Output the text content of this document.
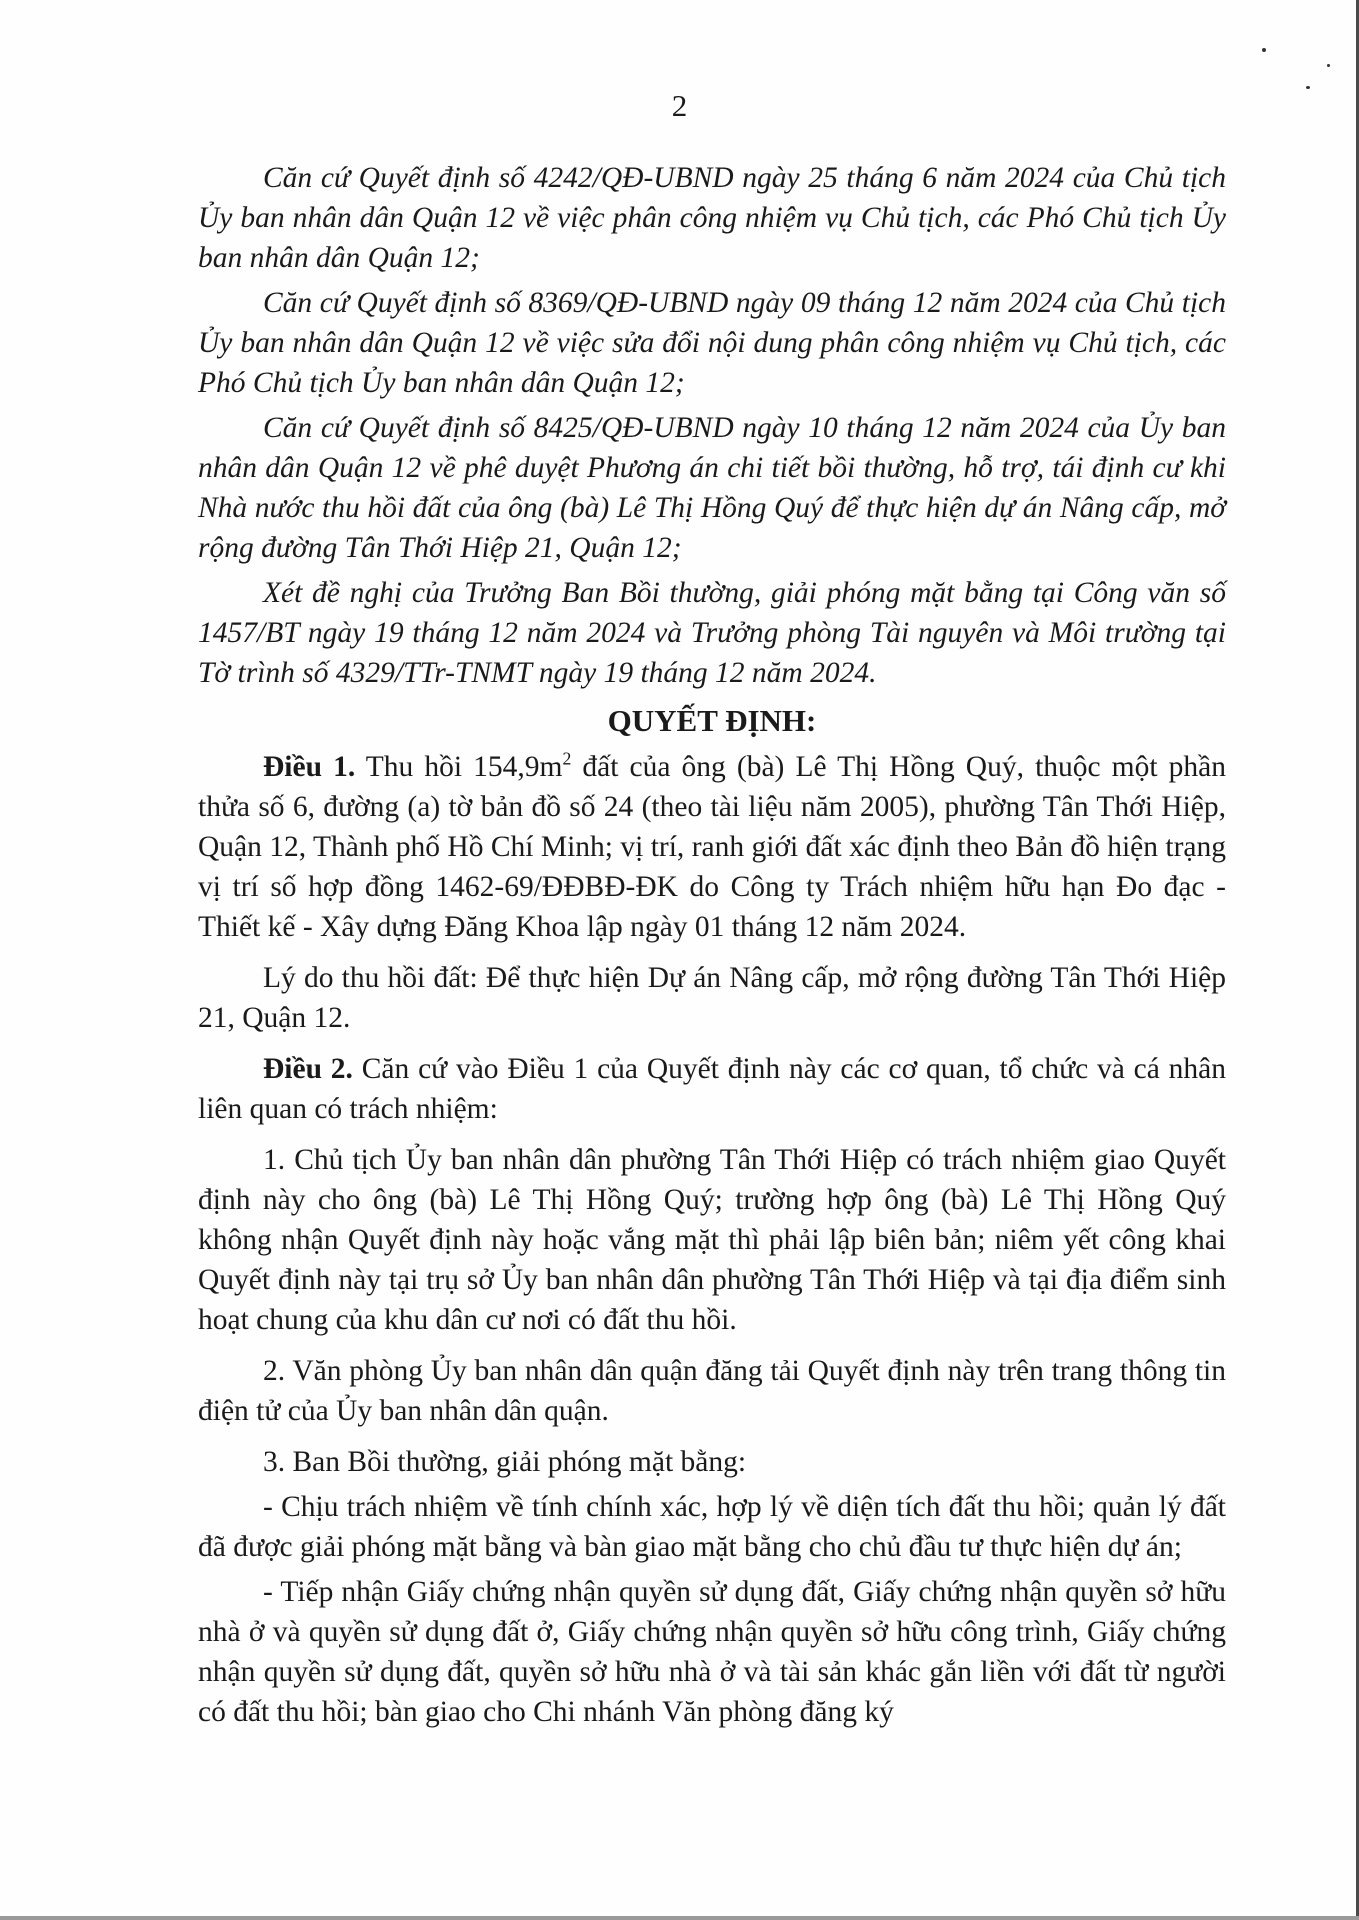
2

Căn cứ Quyết định số 4242/QĐ-UBND ngày 25 tháng 6 năm 2024 của Chủ tịch Ủy ban nhân dân Quận 12 về việc phân công nhiệm vụ Chủ tịch, các Phó Chủ tịch Ủy ban nhân dân Quận 12;

Căn cứ Quyết định số 8369/QĐ-UBND ngày 09 tháng 12 năm 2024 của Chủ tịch Ủy ban nhân dân Quận 12 về việc sửa đổi nội dung phân công nhiệm vụ Chủ tịch, các Phó Chủ tịch Ủy ban nhân dân Quận 12;

Căn cứ Quyết định số 8425/QĐ-UBND ngày 10 tháng 12 năm 2024 của Ủy ban nhân dân Quận 12 về phê duyệt Phương án chi tiết bồi thường, hỗ trợ, tái định cư khi Nhà nước thu hồi đất của ông (bà) Lê Thị Hồng Quý để thực hiện dự án Nâng cấp, mở rộng đường Tân Thới Hiệp 21, Quận 12;

Xét đề nghị của Trưởng Ban Bồi thường, giải phóng mặt bằng tại Công văn số 1457/BT ngày 19 tháng 12 năm 2024 và Trưởng phòng Tài nguyên và Môi trường tại Tờ trình số 4329/TTr-TNMT ngày 19 tháng 12 năm 2024.

QUYẾT ĐỊNH:

Điều 1. Thu hồi $154,9m^2$ đất của ông (bà) Lê Thị Hồng Quý, thuộc một phần thửa số 6, đường (a) tờ bản đồ số 24 (theo tài liệu năm 2005), phường Tân Thới Hiệp, Quận 12, Thành phố Hồ Chí Minh; vị trí, ranh giới đất xác định theo Bản đồ hiện trạng vị trí số hợp đồng 1462-69/ĐĐBĐ-ĐK do Công ty Trách nhiệm hữu hạn Đo đạc - Thiết kế - Xây dựng Đăng Khoa lập ngày 01 tháng 12 năm 2024.

Lý do thu hồi đất: Để thực hiện Dự án Nâng cấp, mở rộng đường Tân Thới Hiệp 21, Quận 12.

Điều 2. Căn cứ vào Điều 1 của Quyết định này các cơ quan, tổ chức và cá nhân liên quan có trách nhiệm:

1. Chủ tịch Ủy ban nhân dân phường Tân Thới Hiệp có trách nhiệm giao Quyết định này cho ông (bà) Lê Thị Hồng Quý; trường hợp ông (bà) Lê Thị Hồng Quý không nhận Quyết định này hoặc vắng mặt thì phải lập biên bản; niêm yết công khai Quyết định này tại trụ sở Ủy ban nhân dân phường Tân Thới Hiệp và tại địa điểm sinh hoạt chung của khu dân cư nơi có đất thu hồi.

2. Văn phòng Ủy ban nhân dân quận đăng tải Quyết định này trên trang thông tin điện tử của Ủy ban nhân dân quận.

3. Ban Bồi thường, giải phóng mặt bằng:

- Chịu trách nhiệm về tính chính xác, hợp lý về diện tích đất thu hồi; quản lý đất đã được giải phóng mặt bằng và bàn giao mặt bằng cho chủ đầu tư thực hiện dự án;

- Tiếp nhận Giấy chứng nhận quyền sử dụng đất, Giấy chứng nhận quyền sở hữu nhà ở và quyền sử dụng đất ở, Giấy chứng nhận quyền sở hữu công trình, Giấy chứng nhận quyền sử dụng đất, quyền sở hữu nhà ở và tài sản khác gắn liền với đất từ người có đất thu hồi; bàn giao cho Chi nhánh Văn phòng đăng ký
